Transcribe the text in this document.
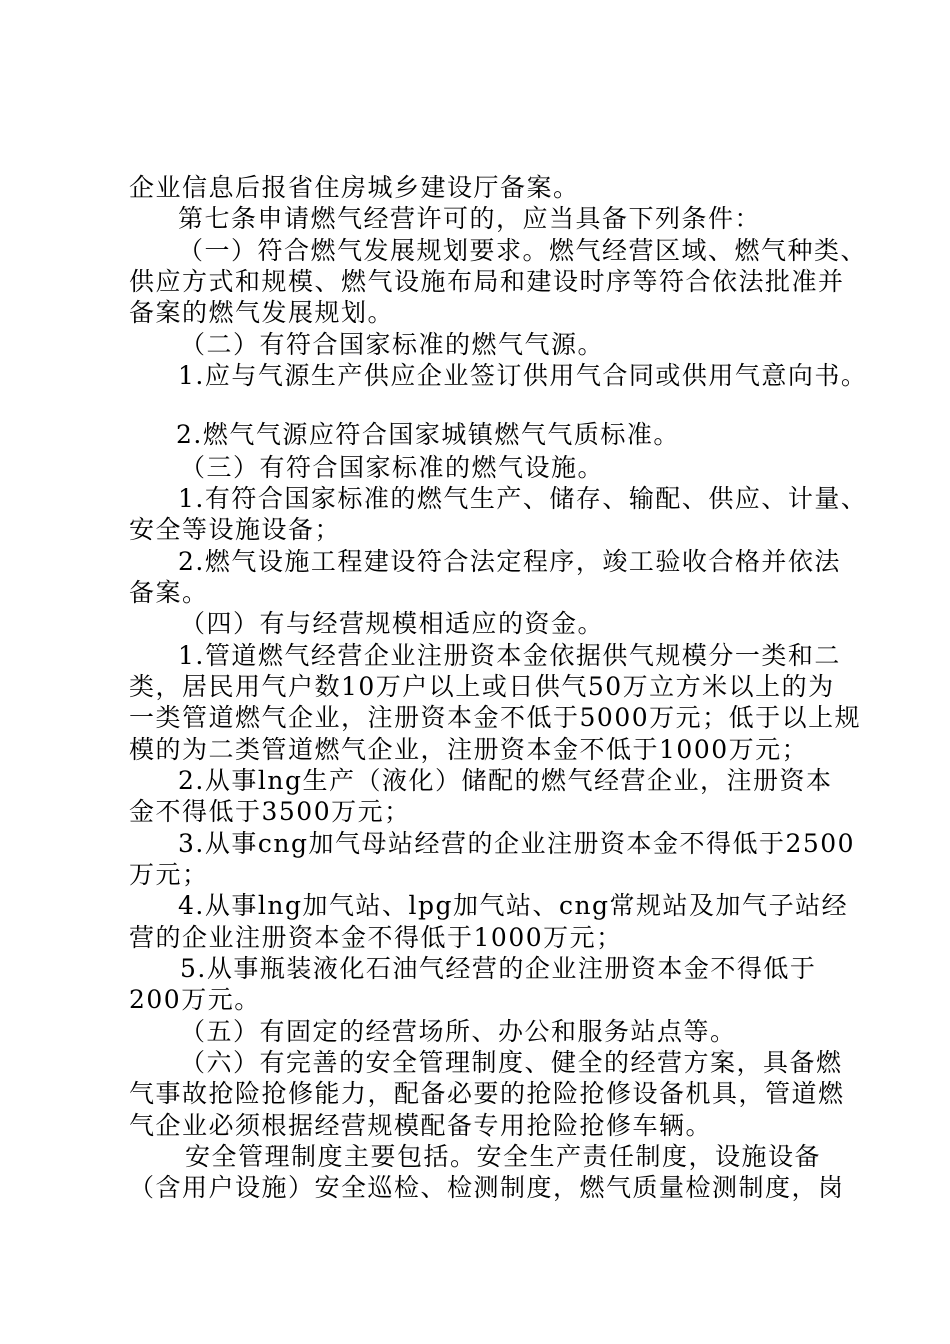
企业信息后报省住房城乡建设厅备案。
第七条申请燃气经营许可的，应当具备下列条件：
（一）符合燃气发展规划要求。燃气经营区域、燃气种类、
供应方式和规模、燃气设施布局和建设时序等符合依法批准并
备案的燃气发展规划。
（二）有符合国家标准的燃气气源。
1.应与气源生产供应企业签订供用气合同或供用气意向书。
2.燃气气源应符合国家城镇燃气气质标准。
（三）有符合国家标准的燃气设施。
1.有符合国家标准的燃气生产、储存、输配、供应、计量、
安全等设施设备；
2.燃气设施工程建设符合法定程序，竣工验收合格并依法
备案。
（四）有与经营规模相适应的资金。
1.管道燃气经营企业注册资本金依据供气规模分一类和二
类，居民用气户数10万户以上或日供气50万立方米以上的为
一类管道燃气企业，注册资本金不低于5000万元；低于以上规
模的为二类管道燃气企业，注册资本金不低于1000万元；
2.从事lng生产（液化）储配的燃气经营企业，注册资本
金不得低于3500万元；
3.从事cng加气母站经营的企业注册资本金不得低于2500
万元；
4.从事lng加气站、lpg加气站、cng常规站及加气子站经
营的企业注册资本金不得低于1000万元；
5.从事瓶装液化石油气经营的企业注册资本金不得低于
200万元。
（五）有固定的经营场所、办公和服务站点等。
（六）有完善的安全管理制度、健全的经营方案，具备燃
气事故抢险抢修能力，配备必要的抢险抢修设备机具，管道燃
气企业必须根据经营规模配备专用抢险抢修车辆。
安全管理制度主要包括。安全生产责任制度，设施设备
（含用户设施）安全巡检、检测制度，燃气质量检测制度，岗
